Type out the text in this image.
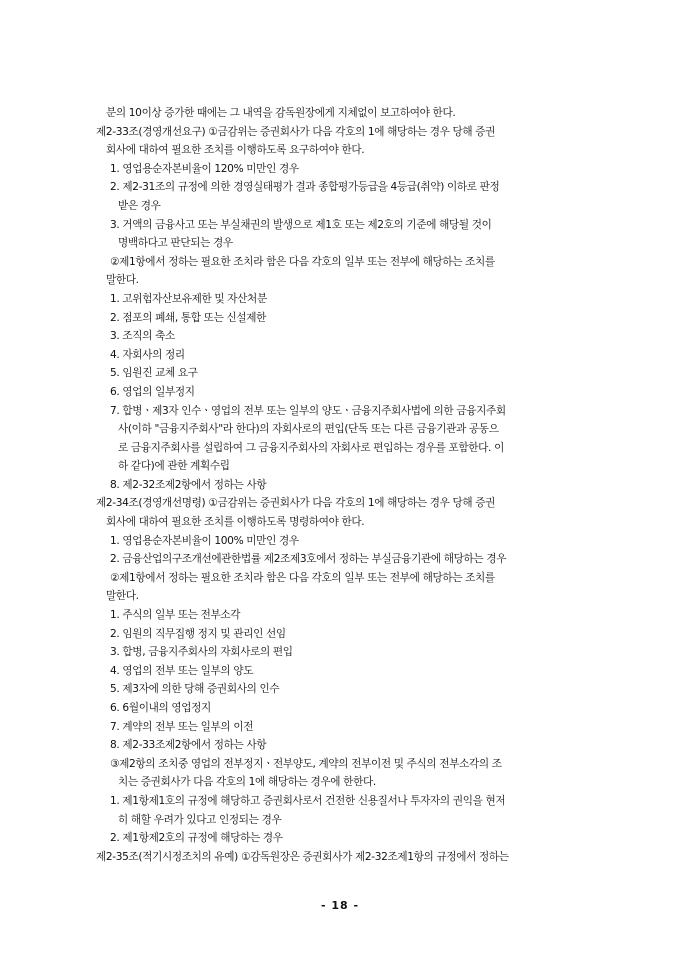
분의 10이상 증가한 때에는 그 내역을 감독원장에게 지체없이 보고하여야 한다.
제2-33조(경영개선요구) ①금감위는 증권회사가 다음 각호의 1에 해당하는 경우 당해 증권
회사에 대하여 필요한 조치를 이행하도록 요구하여야 한다.
1. 영업용순자본비율이 120% 미만인 경우
2. 제2-31조의 규정에 의한 경영실태평가 결과 종합평가등급을 4등급(취약) 이하로 판정
받은 경우
3. 거액의 금융사고 또는 부실채권의 발생으로 제1호 또는 제2호의 기준에 해당될 것이
명백하다고 판단되는 경우
②제1항에서 정하는 필요한 조치라 함은 다음 각호의 일부 또는 전부에 해당하는 조치를
말한다.
1. 고위험자산보유제한 및 자산처분
2. 점포의 폐쇄, 통합 또는 신설제한
3. 조직의 축소
4. 자회사의 정리
5. 임원진 교체 요구
6. 영업의 일부정지
7. 합병ㆍ제3자 인수ㆍ영업의 전부 또는 일부의 양도ㆍ금융지주회사법에 의한 금융지주회
사(이하 "금융지주회사"라 한다)의 자회사로의 편입(단독 또는 다른 금융기관과 공동으
로 금융지주회사를 설립하여 그 금융지주회사의 자회사로 편입하는 경우를 포함한다. 이
하 같다)에 관한 계획수립
8. 제2-32조제2항에서 정하는 사항
제2-34조(경영개선명령) ①금감위는 증권회사가 다음 각호의 1에 해당하는 경우 당해 증권
회사에 대하여 필요한 조치를 이행하도록 명령하여야 한다.
1. 영업용순자본비율이 100% 미만인 경우
2. 금융산업의구조개선에관한법률 제2조제3호에서 정하는 부실금융기관에 해당하는 경우
②제1항에서 정하는 필요한 조치라 함은 다음 각호의 일부 또는 전부에 해당하는 조치를
말한다.
1. 주식의 일부 또는 전부소각
2. 임원의 직무집행 정지 및 관리인 선임
3. 합병, 금융지주회사의 자회사로의 편입
4. 영업의 전부 또는 일부의 양도
5. 제3자에 의한 당해 증권회사의 인수
6. 6월이내의 영업정지
7. 계약의 전부 또는 일부의 이전
8. 제2-33조제2항에서 정하는 사항
③제2항의 조치중 영업의 전부정지ㆍ전부양도, 계약의 전부이전 및 주식의 전부소각의 조
치는 증권회사가 다음 각호의 1에 해당하는 경우에 한한다.
1. 제1항제1호의 규정에 해당하고 증권회사로서 건전한 신용질서나 투자자의 권익을 현저
히 해할 우려가 있다고 인정되는 경우
2. 제1항제2호의 규정에 해당하는 경우
제2-35조(적기시정조치의 유예) ①감독원장은 증권회사가 제2-32조제1항의 규정에서 정하는
- 18 -
